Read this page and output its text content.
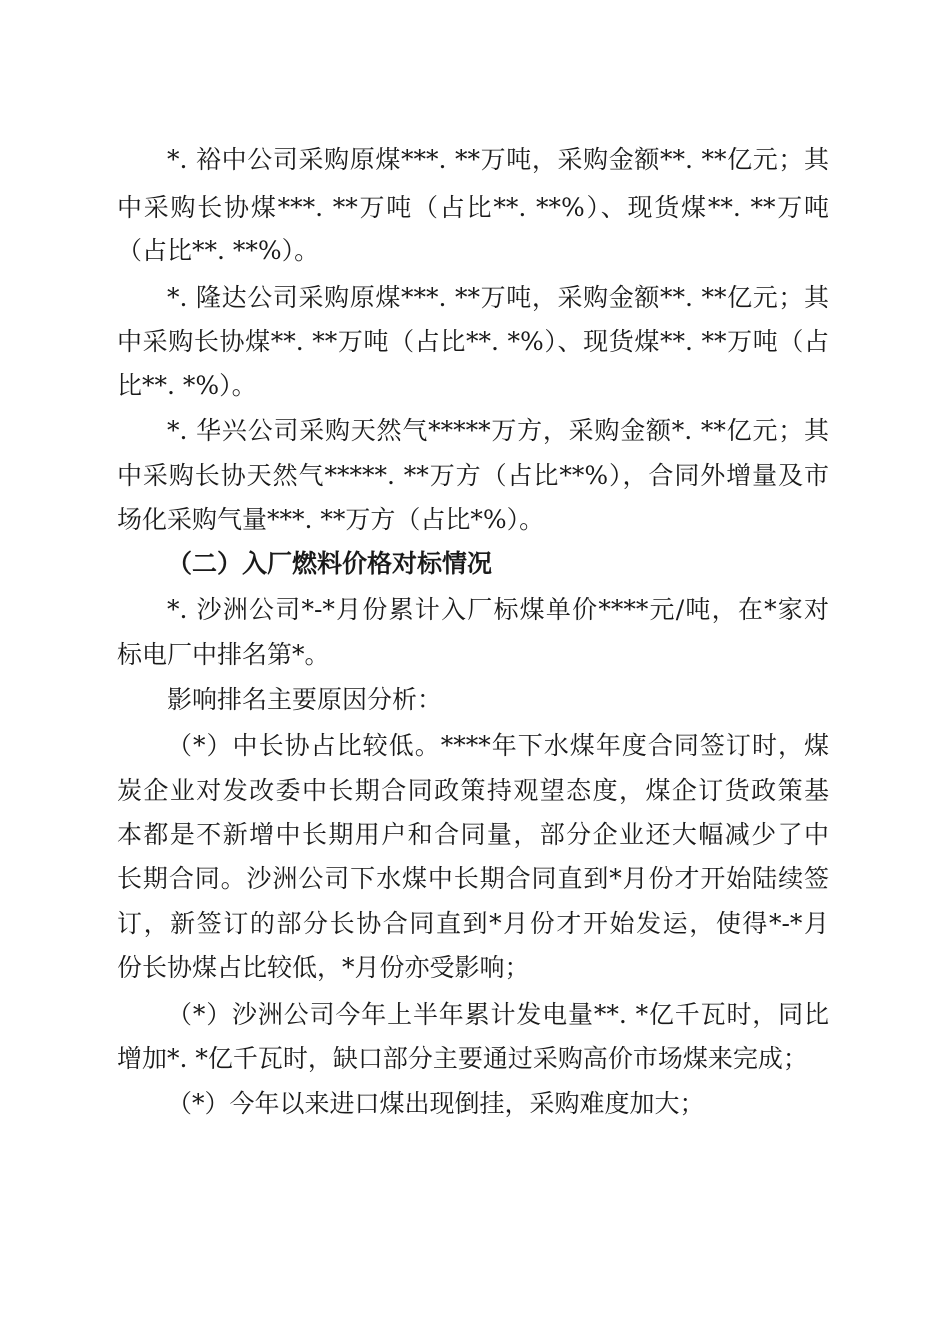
*. 裕中公司采购原煤***. **万吨，采购金额**. **亿元；其
中采购长协煤***. **万吨（占比**. **%）、现货煤**. **万吨
（占比**. **%）。
*. 隆达公司采购原煤***. **万吨，采购金额**. **亿元；其
中采购长协煤**. **万吨（占比**. *%）、现货煤**. **万吨（占
比**. *%）。
*. 华兴公司采购天然气*****万方，采购金额*. **亿元；其
中采购长协天然气*****. **万方（占比**%），合同外增量及市
场化采购气量***. **万方（占比*%）。
（二）入厂燃料价格对标情况
*. 沙洲公司*-*月份累计入厂标煤单价****元/吨，在*家对
标电厂中排名第*。
影响排名主要原因分析：
（*）中长协占比较低。****年下水煤年度合同签订时，煤
炭企业对发改委中长期合同政策持观望态度，煤企订货政策基
本都是不新增中长期用户和合同量，部分企业还大幅减少了中
长期合同。沙洲公司下水煤中长期合同直到*月份才开始陆续签
订，新签订的部分长协合同直到*月份才开始发运，使得*-*月
份长协煤占比较低，*月份亦受影响；
（*）沙洲公司今年上半年累计发电量**. *亿千瓦时，同比
增加*. *亿千瓦时，缺口部分主要通过采购高价市场煤来完成；
（*）今年以来进口煤出现倒挂，采购难度加大；
